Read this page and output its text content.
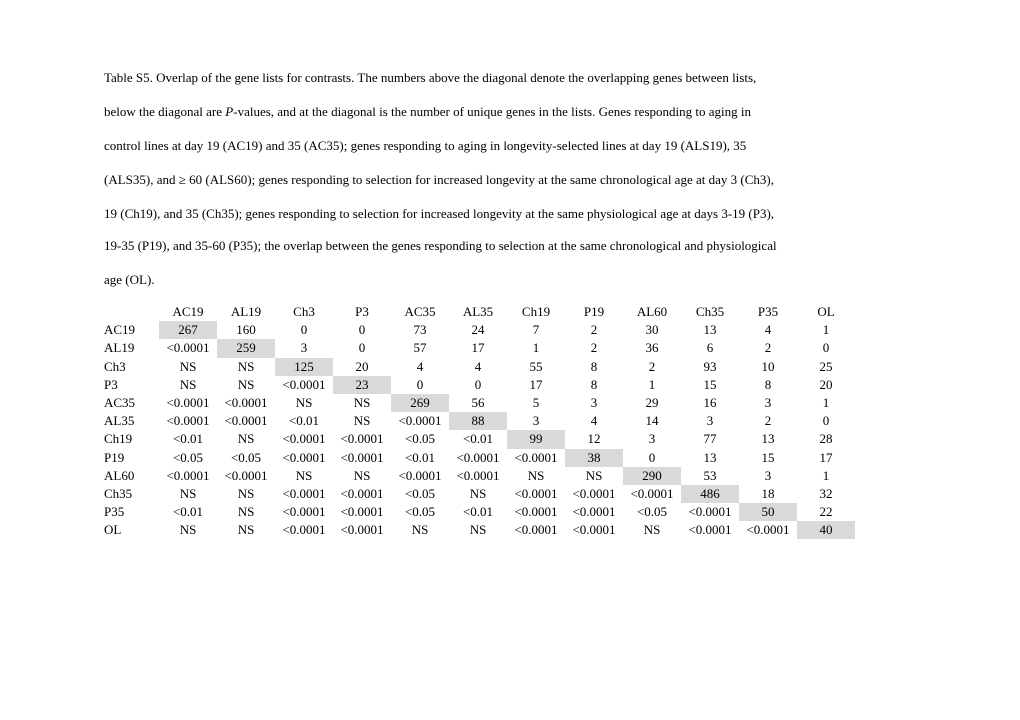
Table S5. Overlap of the gene lists for contrasts. The numbers above the diagonal denote the overlapping genes between lists,
below the diagonal are P-values, and at the diagonal is the number of unique genes in the lists. Genes responding to aging in
control lines at day 19 (AC19) and 35 (AC35); genes responding to aging in longevity-selected lines at day 19 (ALS19), 35
(ALS35), and ≥ 60 (ALS60); genes responding to selection for increased longevity at the same chronological age at day 3 (Ch3),
19 (Ch19), and 35 (Ch35); genes responding to selection for increased longevity at the same physiological age at days 3-19 (P3),
19-35 (P19), and 35-60 (P35); the overlap between the genes responding to selection at the same chronological and physiological
age (OL).
	AC19	AL19	Ch3	P3	AC35	AL35	Ch19	P19	AL60	Ch35	P35	OL
AC19	267	160	0	0	73	24	7	2	30	13	4	1
AL19	<0.0001	259	3	0	57	17	1	2	36	6	2	0
Ch3	NS	NS	125	20	4	4	55	8	2	93	10	25
P3	NS	NS	<0.0001	23	0	0	17	8	1	15	8	20
AC35	<0.0001	<0.0001	NS	NS	269	56	5	3	29	16	3	1
AL35	<0.0001	<0.0001	<0.01	NS	<0.0001	88	3	4	14	3	2	0
Ch19	<0.01	NS	<0.0001	<0.0001	<0.05	<0.01	99	12	3	77	13	28
P19	<0.05	<0.05	<0.0001	<0.0001	<0.01	<0.0001	<0.0001	38	0	13	15	17
AL60	<0.0001	<0.0001	NS	NS	<0.0001	<0.0001	NS	NS	290	53	3	1
Ch35	NS	NS	<0.0001	<0.0001	<0.05	NS	<0.0001	<0.0001	<0.0001	486	18	32
P35	<0.01	NS	<0.0001	<0.0001	<0.05	<0.01	<0.0001	<0.0001	<0.05	<0.0001	50	22
OL	NS	NS	<0.0001	<0.0001	NS	NS	<0.0001	<0.0001	NS	<0.0001	<0.0001	40
